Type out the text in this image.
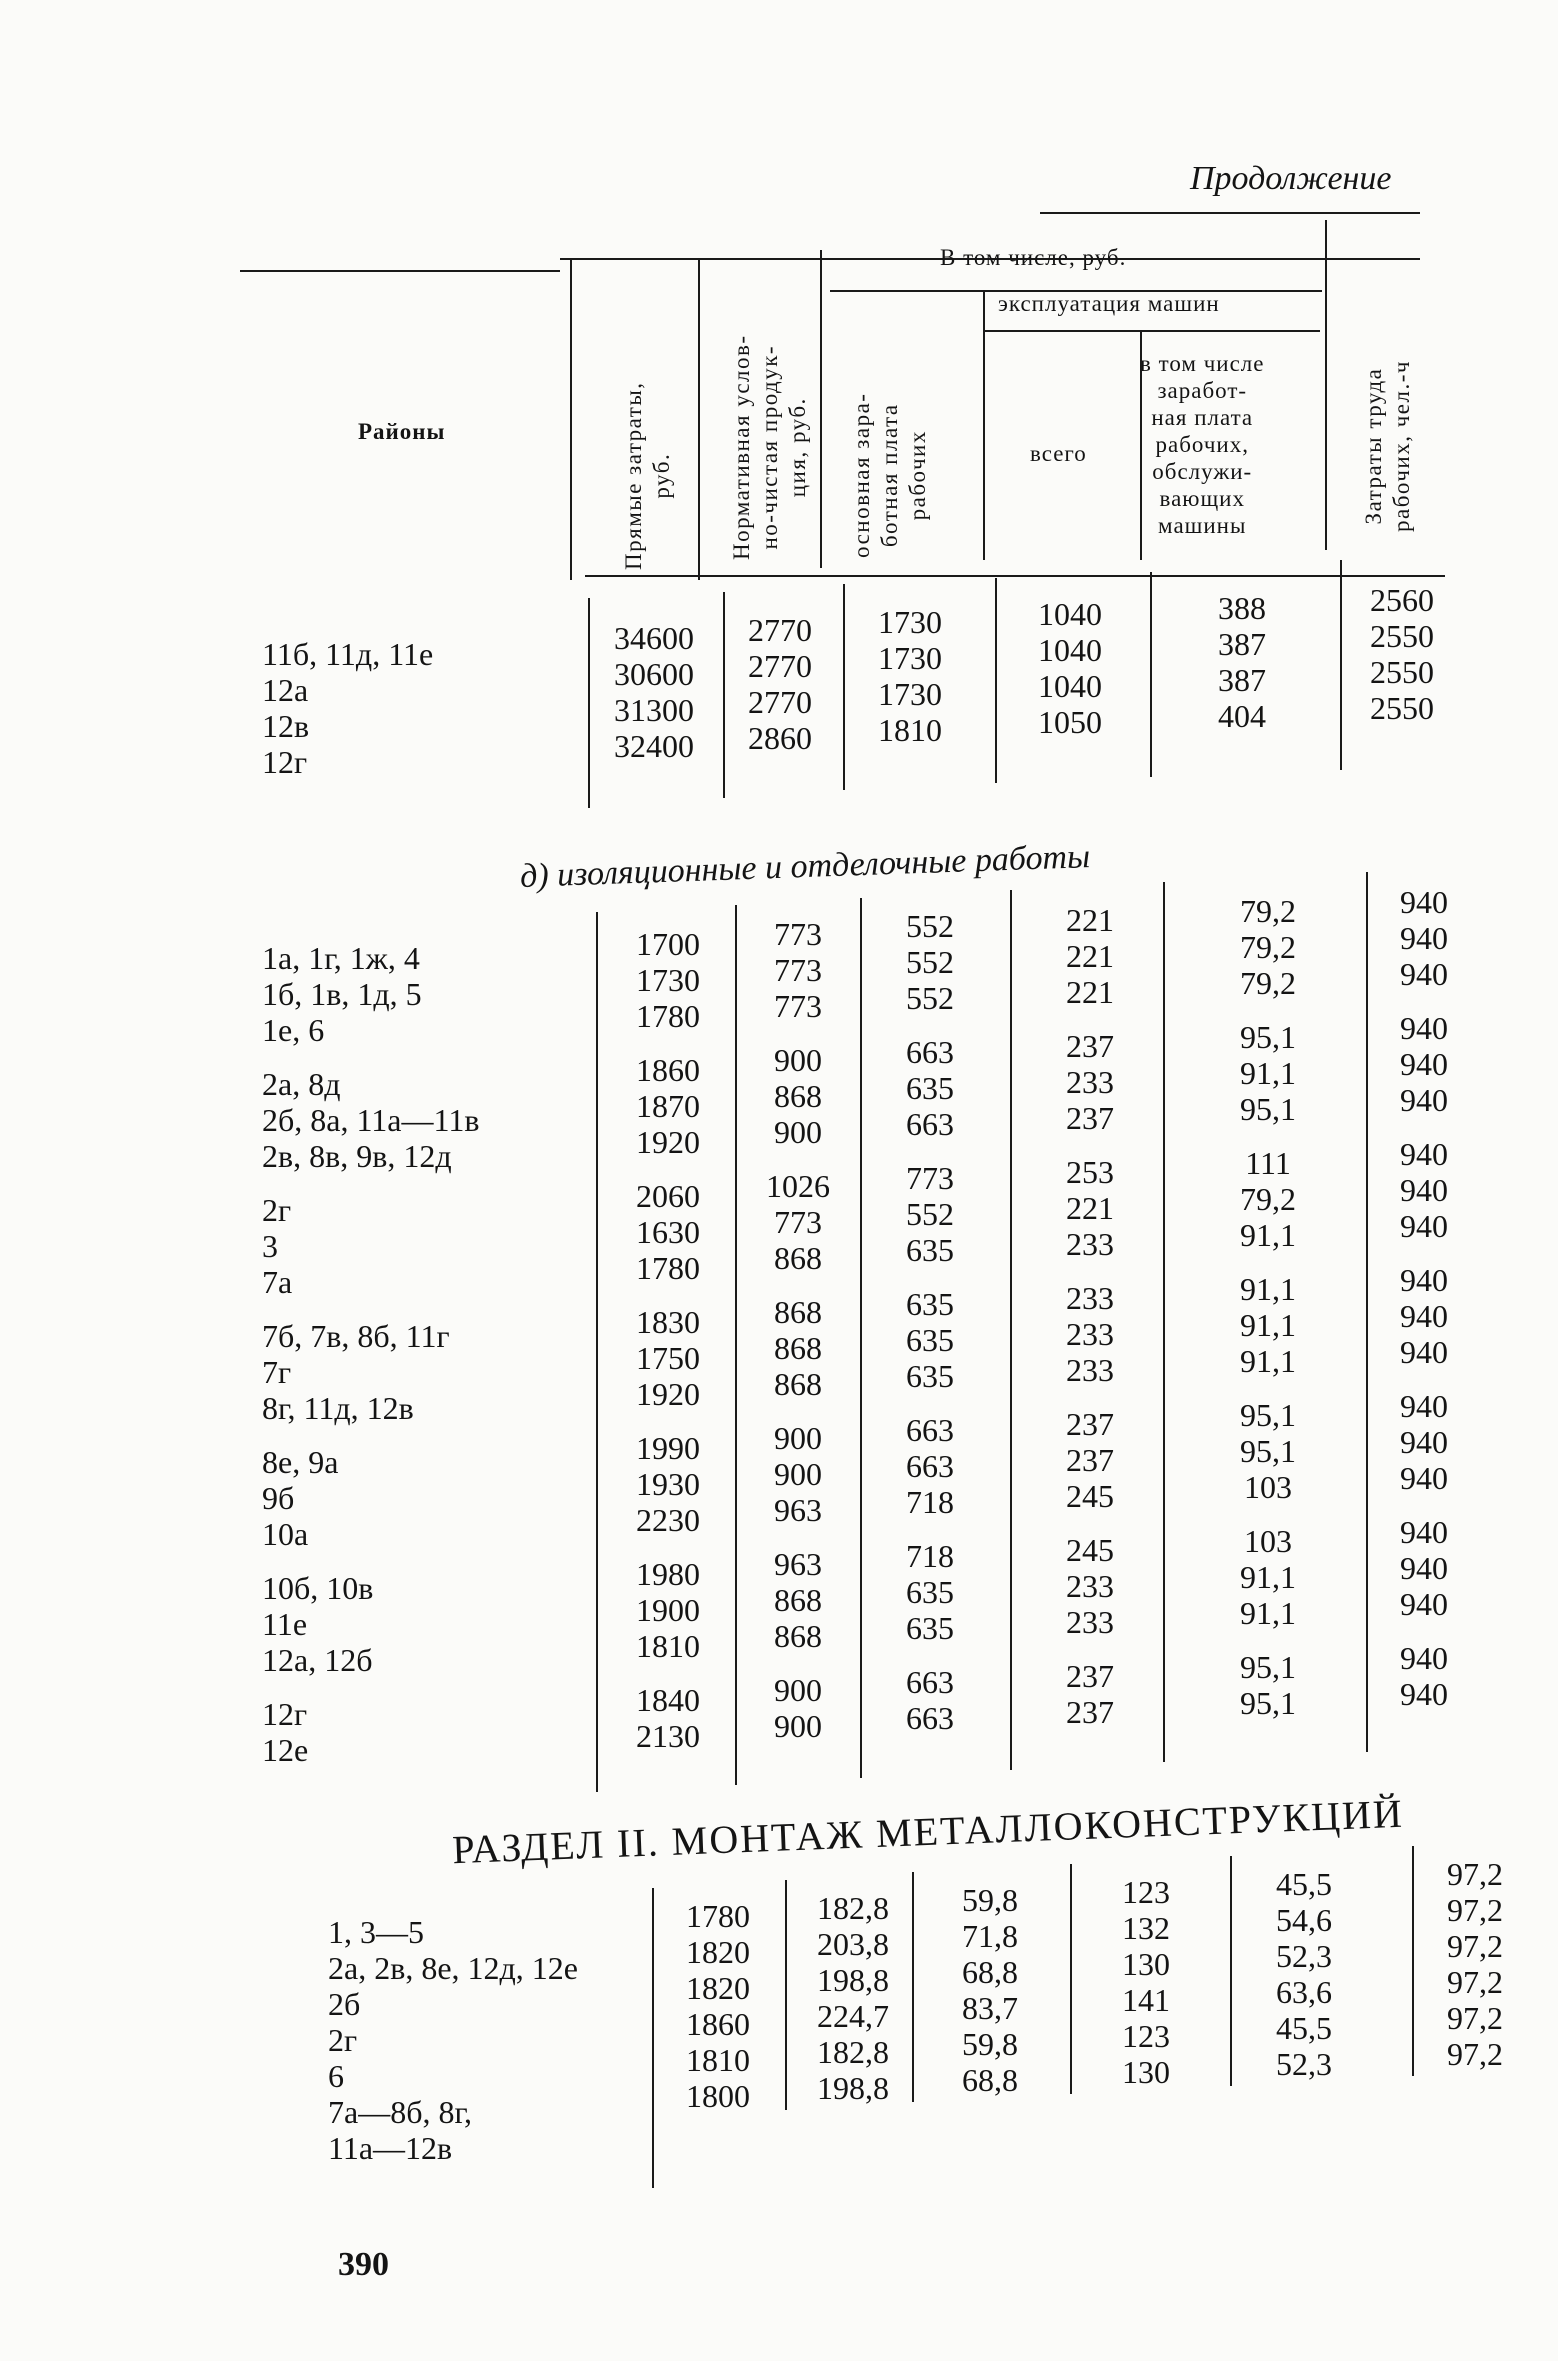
Продолжение
Районы
Прямые затраты,
руб. Нормативная услов-
но-чистая продук-
ция, руб.
В том числе, руб.
основная зара-
ботная плата
рабочих
эксплуатация машин
всего
в том числе
заработ-
ная плата
рабочих,
обслужи-
вающих
машины
Затраты труда
рабочих, чел.-ч
11б, 11д, 11е
12а
12в
12г
34600
30600
31300
32400
2770
2770
2770
2860
1730
1730
1730
1810
1040
1040
1040
1050
388
387
387
404
2560
2550
2550
2550
д) изоляционные и отделочные работы
1а, 1г, 1ж, 4
1б, 1в, 1д, 5
1е, 6
2а, 8д
2б, 8а, 11а—11в
2в, 8в, 9в, 12д
2г
3
7а
7б, 7в, 8б, 11г
7г
8г, 11д, 12в
8е, 9а
9б
10а
10б, 10в
11е
12а, 12б
12г
12е
1700
1730
1780
1860
1870
1920
2060
1630
1780
1830
1750
1920
1990
1930
2230
1980
1900
1810
1840
2130
773
773
773
900
868
900
1026
773
868
868
868
868
900
900
963
963
868
868
900
900
552
552
552
663
635
663
773
552
635
635
635
635
663
663
718
718
635
635
663
663
221
221
221
237
233
237
253
221
233
233
233
233
237
237
245
245
233
233
237
237
79,2
79,2
79,2
95,1
91,1
95,1
111
79,2
91,1
91,1
91,1
91,1
95,1
95,1
103
103
91,1
91,1
95,1
95,1
940
940
940
940
940
940
940
940
940
940
940
940
940
940
940
940
940
940
940
940
РАЗДЕЛ II. МОНТАЖ МЕТАЛЛОКОНСТРУКЦИЙ
1, 3—5
2а, 2в, 8е, 12д, 12е
2б
2г
6
7а—8б, 8г,
11а—12в
1780
1820
1820
1860
1810
1800
182,8
203,8
198,8
224,7
182,8
198,8
59,8
71,8
68,8
83,7
59,8
68,8
123
132
130
141
123
130
45,5
54,6
52,3
63,6
45,5
52,3
97,2
97,2
97,2
97,2
97,2
97,2
390
